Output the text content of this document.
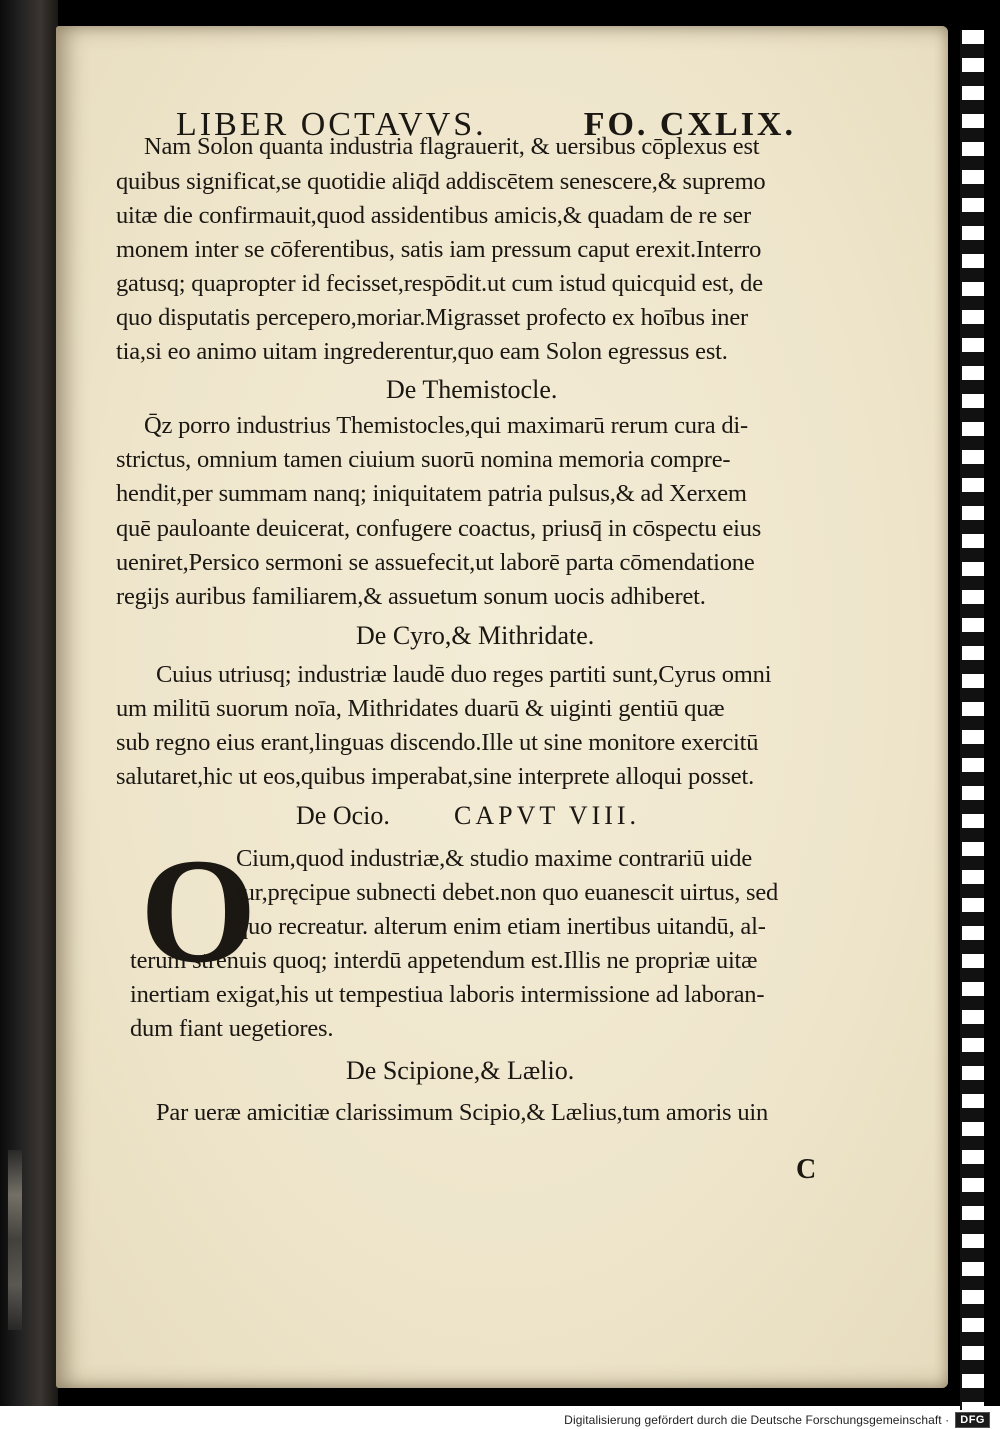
LIBER OCTAVVS.	FO. CXLIX.
Nam Solon quanta industria flagrauerit, & uersibus cōplexus est
quibus significat,se quotidie aliq̄d addiscētem senescere,& supremo
uitæ die confirmauit,quod assidentibus amicis,& quadam de re ser
monem inter se cōferentibus, satis iam pressum caput erexit.Interro
gatusq; quapropter id fecisset,respōdit.ut cum istud quicquid est, de
quo disputatis percepero,moriar.Migrasset profecto ex hoībus iner
tia,si eo animo uitam ingrederentur,quo eam Solon egressus est.
De Themistocle.
Q̄z porro industrius Themistocles,qui maximarū rerum cura di-
strictus, omnium tamen ciuium suorū nomina memoria compre-
hendit,per summam nanq; iniquitatem patria pulsus,& ad Xerxem
quē pauloante deuicerat, confugere coactus, priusq̄ in cōspectu eius
ueniret,Persico sermoni se assuefecit,ut laborē parta cōmendatione
regijs auribus familiarem,& assuetum sonum uocis adhiberet.
De Cyro,& Mithridate.
Cuius utriusq; industriæ laudē duo reges partiti sunt,Cyrus omni
um militū suorum noīa, Mithridates duarū & uiginti gentiū quæ
sub regno eius erant,linguas discendo.Ille ut sine monitore exercitū
salutaret,hic ut eos,quibus imperabat,sine interprete alloqui posset.
De Ocio. CAPVT VIII.
O
Cium,quod industriæ,& studio maxime contrariū uide
tur,pręcipue subnecti debet.non quo euanescit uirtus, sed
quo recreatur. alterum enim etiam inertibus uitandū, al-
terum strenuis quoq; interdū appetendum est.Illis ne propriæ uitæ
inertiam exigat,his ut tempestiua laboris intermissione ad laboran-
dum fiant uegetiores.
De Scipione,& Lælio.
Par ueræ amicitiæ clarissimum Scipio,& Lælius,tum amoris uin
C
Digitalisierung gefördert durch die Deutsche Forschungsgemeinschaft ·	DFG
